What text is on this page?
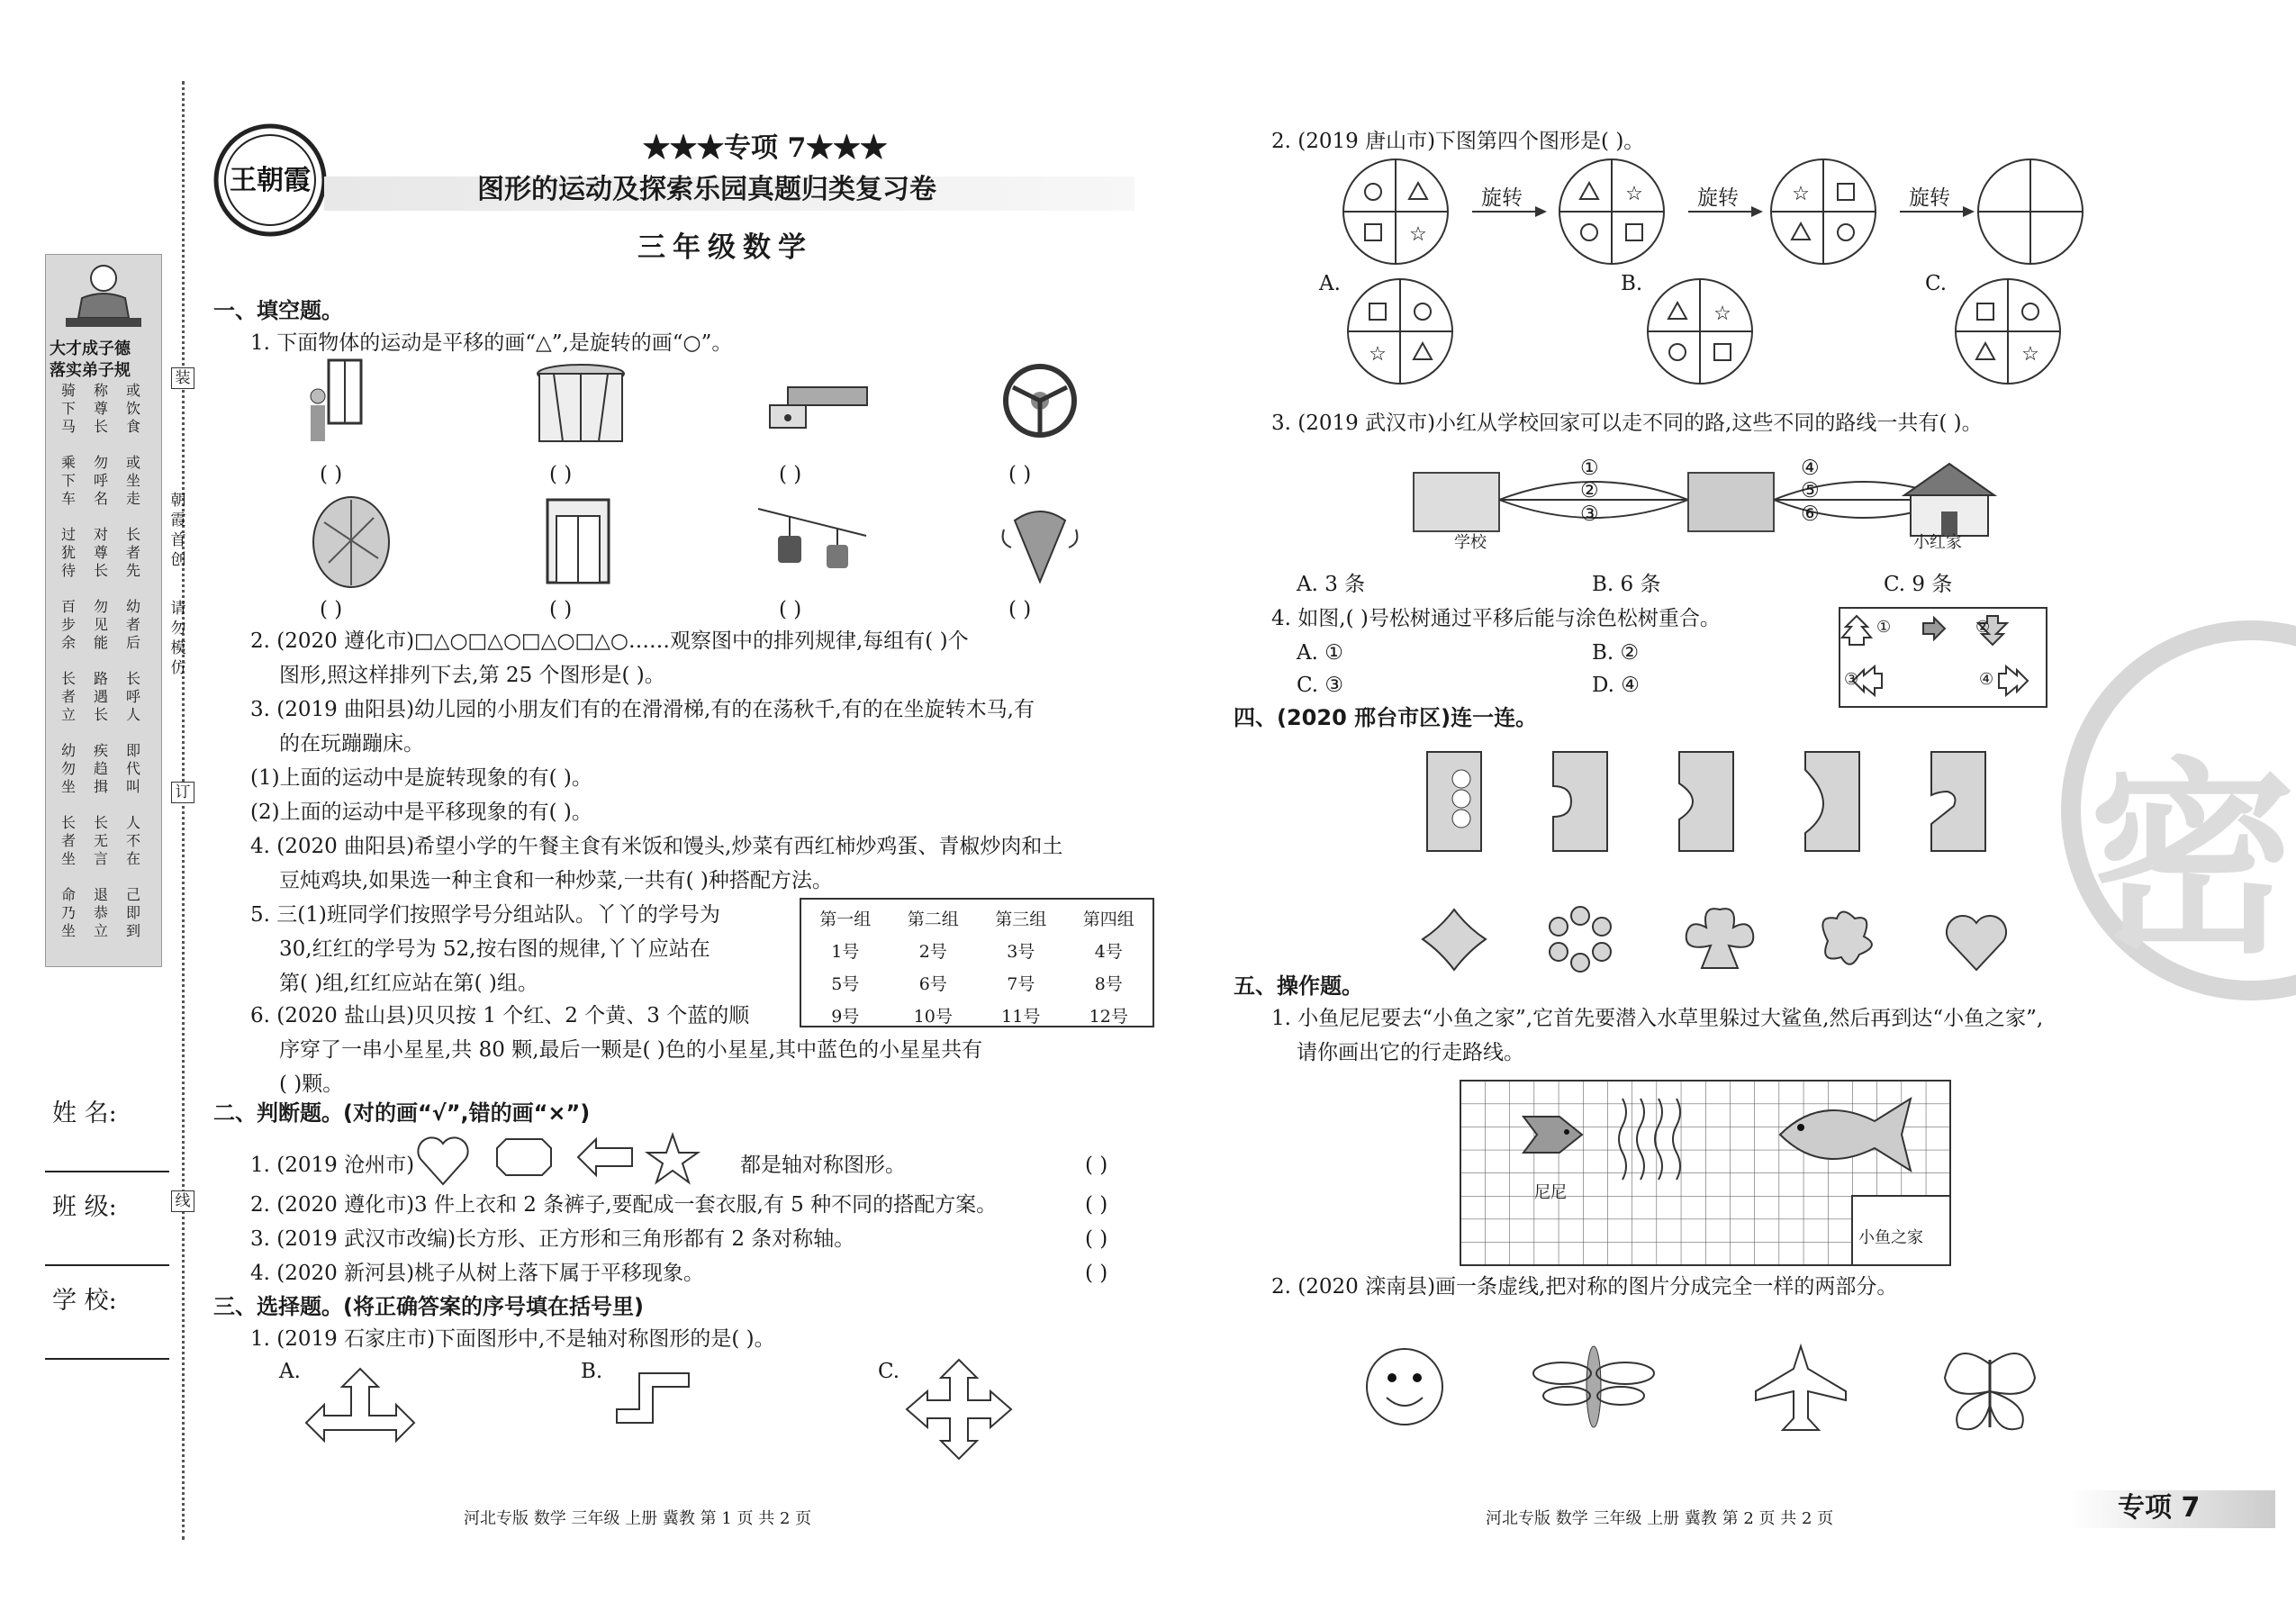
大才成子德
落实弟子规
骑下马
乘下车
过犹待
百步余
长者立
幼勿坐
长者坐
命乃坐
称尊长
勿呼名
对尊长
勿见能
路遇长
疾趋揖
长无言
退恭立
或饮食
或坐走
长者先
幼者后
长呼人
即代叫
人不在
己即到
朝霞首创
请勿模仿
装
订
线
姓 名:
班 级:
学 校:
王朝霞
★★★专项 7★★★
图形的运动及探索乐园真题归类复习卷
三年级数学
一、填空题。
1. 下面物体的运动是平移的画“△”,是旋转的画“○”。
( )	( )	( )	( )
( )	( )	( )	( )
2. (2020 遵化市)□△○□△○□△○□△○……观察图中的排列规律,每组有( )个
图形,照这样排列下去,第 25 个图形是( )。
3. (2019 曲阳县)幼儿园的小朋友们有的在滑滑梯,有的在荡秋千,有的在坐旋转木马,有
的在玩蹦蹦床。
(1)上面的运动中是旋转现象的有( )。
(2)上面的运动中是平移现象的有( )。
4. (2020 曲阳县)希望小学的午餐主食有米饭和馒头,炒菜有西红柿炒鸡蛋、青椒炒肉和土
豆炖鸡块,如果选一种主食和一种炒菜,一共有( )种搭配方法。
5. 三(1)班同学们按照学号分组站队。丫丫的学号为
30,红红的学号为 52,按右图的规律,丫丫应站在
第( )组,红红应站在第( )组。
第一组	第二组	第三组	第四组
1号	2号	3号	4号
5号	6号	7号	8号
9号	10号	11号	12号
6. (2020 盐山县)贝贝按 1 个红、2 个黄、3 个蓝的顺
序穿了一串小星星,共 80 颗,最后一颗是( )色的小星星,其中蓝色的小星星共有
( )颗。
二、判断题。(对的画“√”,错的画“×”)
1. (2019 沧州市)	都是轴对称图形。	( )
2. (2020 遵化市)3 件上衣和 2 条裤子,要配成一套衣服,有 5 种不同的搭配方案。	( )
3. (2019 武汉市改编)长方形、正方形和三角形都有 2 条对称轴。	( )
4. (2020 新河县)桃子从树上落下属于平移现象。	( )
三、选择题。(将正确答案的序号填在括号里)
1. (2019 石家庄市)下面图形中,不是轴对称图形的是( )。
A.	B.	C.
河北专版 数学 三年级 上册 冀教 第 1 页 共 2 页
2. (2019 唐山市)下图第四个图形是( )。
☆
☆	☆
旋转	旋转	旋转
A.	B.	C.
☆
☆
☆
3. (2019 武汉市)小红从学校回家可以走不同的路,这些不同的路线一共有( )。
①
②
③
④
⑤
⑥
学校	小红家
A. 3 条	B. 6 条	C. 9 条
4. 如图,( )号松树通过平移后能与涂色松树重合。
A. ①	B. ②
C. ③	D. ④
①	②
③	④
四、(2020 邢台市区)连一连。
五、操作题。
1. 小鱼尼尼要去“小鱼之家”,它首先要潜入水草里躲过大鲨鱼,然后再到达“小鱼之家”,
请你画出它的行走路线。
尼尼
小鱼之家
2. (2020 滦南县)画一条虚线,把对称的图片分成完全一样的两部分。
河北专版 数学 三年级 上册 冀教 第 2 页 共 2 页	专项 7
密
